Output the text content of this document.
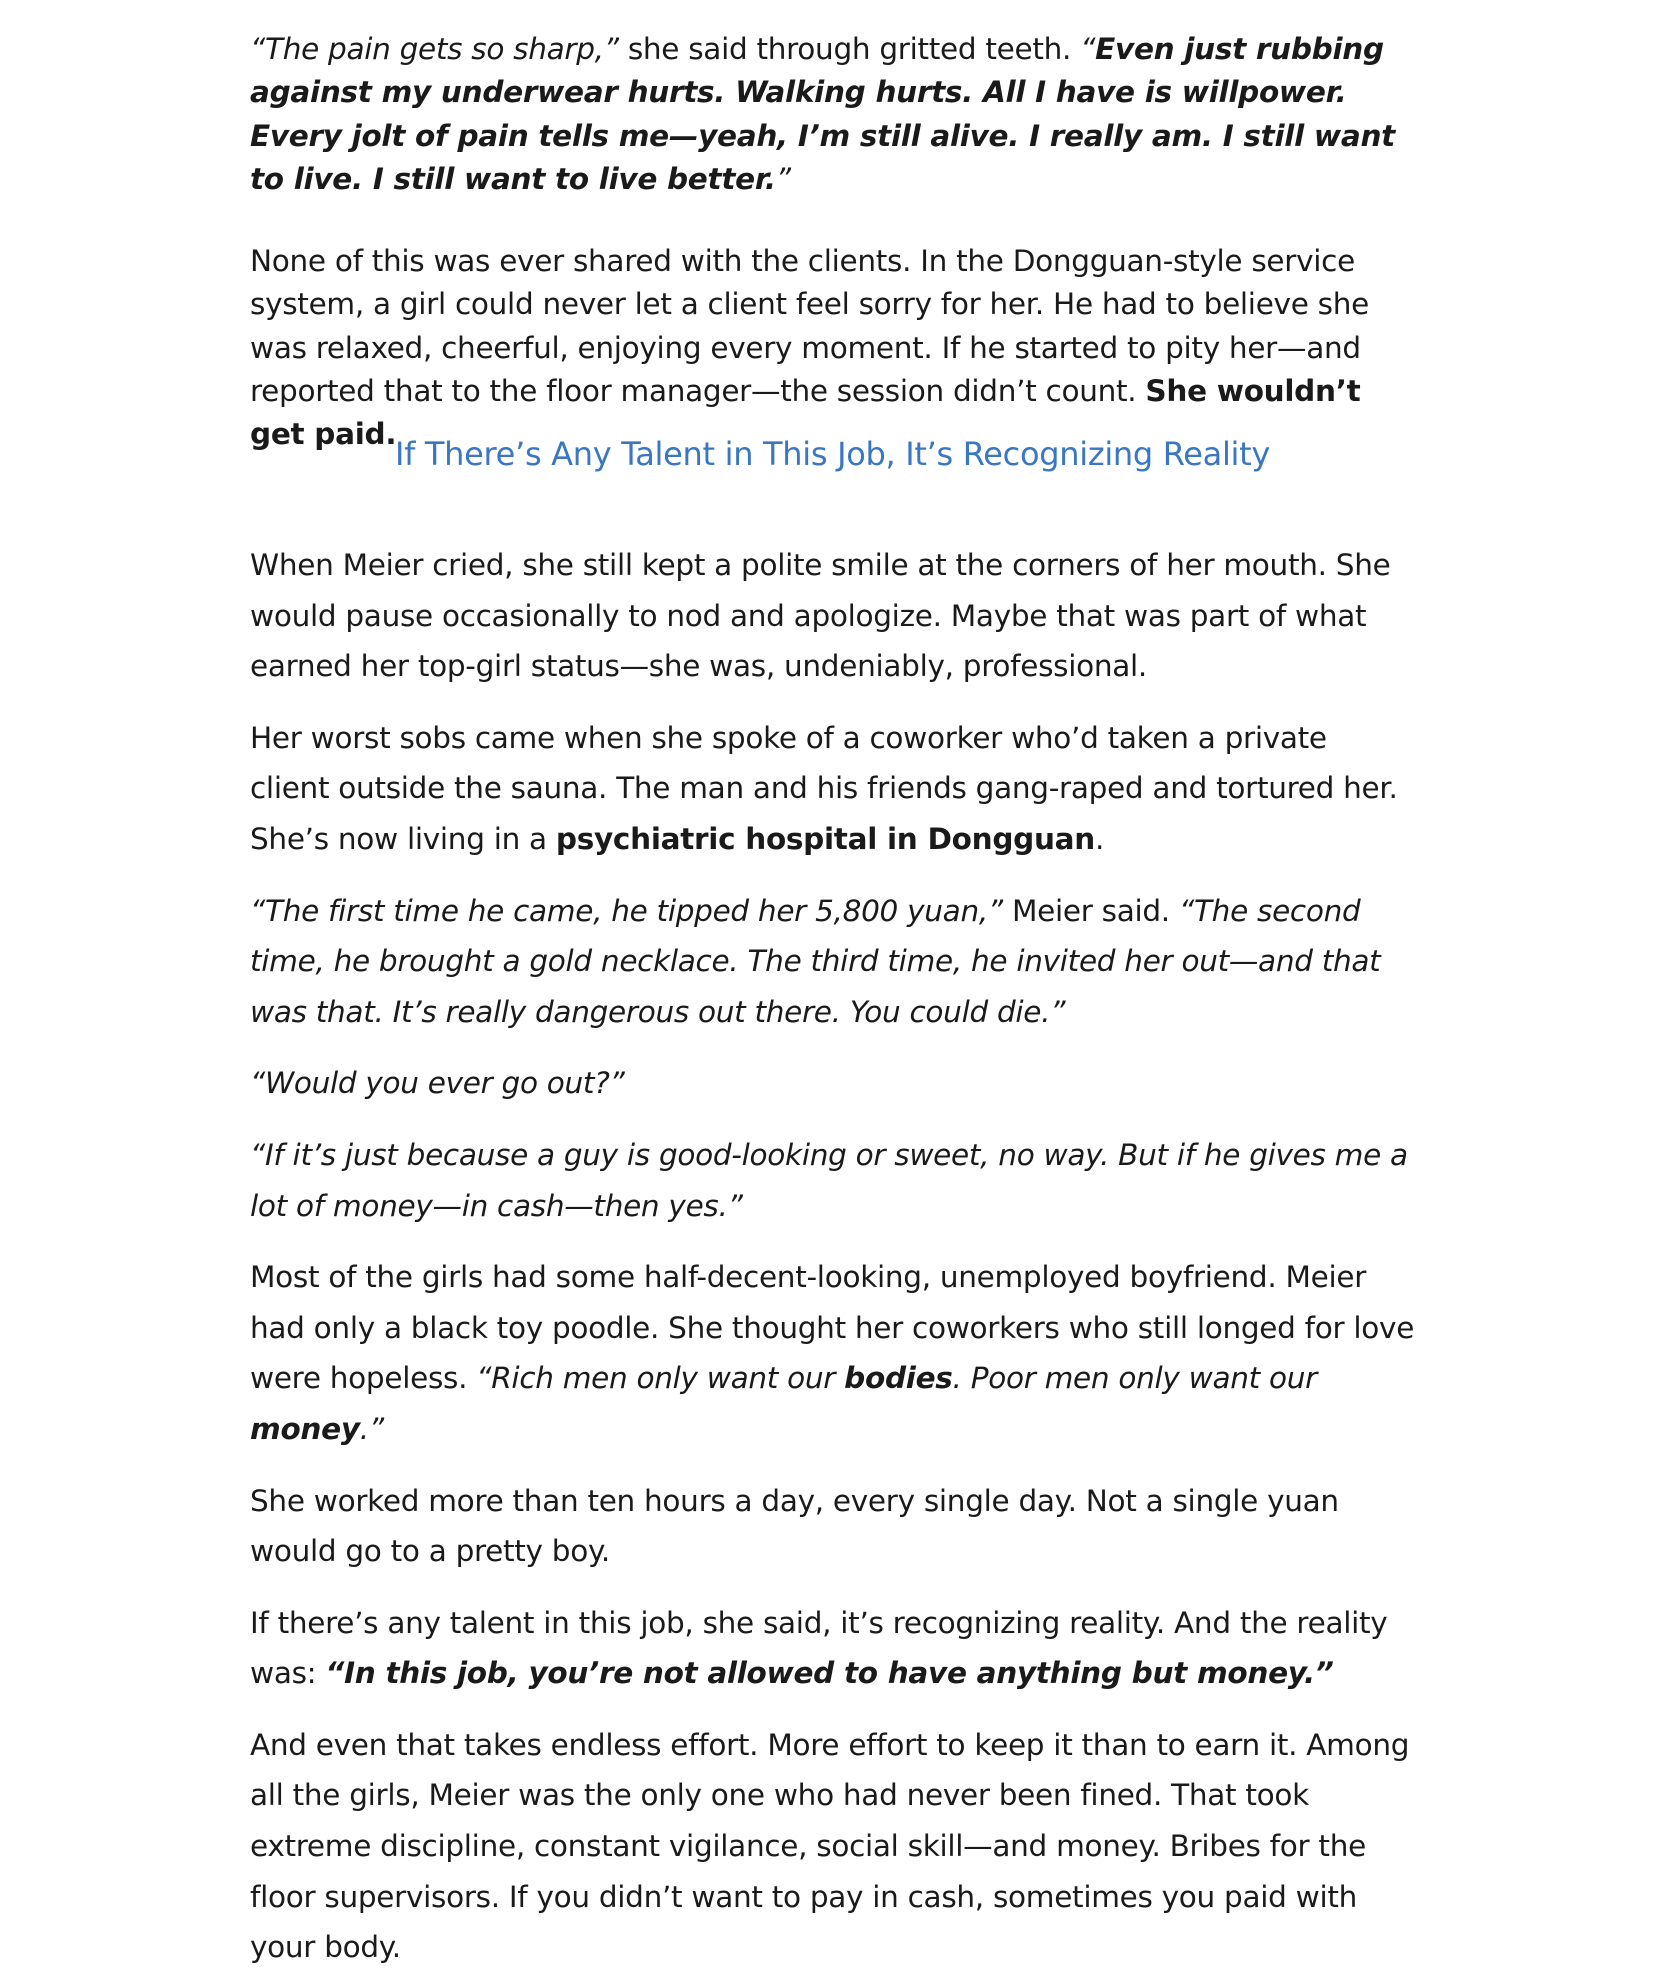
“The pain gets so sharp,” she said through gritted teeth. “Even just rubbing against my underwear hurts. Walking hurts. All I have is willpower. Every jolt of pain tells me—yeah, I’m still alive. I really am. I still want to live. I still want to live better.”

None of this was ever shared with the clients. In the Dongguan-style service system, a girl could never let a client feel sorry for her. He had to believe she was relaxed, cheerful, enjoying every moment. If he started to pity her—and reported that to the floor manager—the session didn’t count. She wouldn’t get paid.

If There’s Any Talent in This Job, It’s Recognizing Reality

When Meier cried, she still kept a polite smile at the corners of her mouth. She would pause occasionally to nod and apologize. Maybe that was part of what earned her top-girl status—she was, undeniably, professional.

Her worst sobs came when she spoke of a coworker who’d taken a private client outside the sauna. The man and his friends gang-raped and tortured her. She’s now living in a psychiatric hospital in Dongguan.

“The first time he came, he tipped her 5,800 yuan,” Meier said. “The second time, he brought a gold necklace. The third time, he invited her out—and that was that. It’s really dangerous out there. You could die.”

“Would you ever go out?”

“If it’s just because a guy is good-looking or sweet, no way. But if he gives me a lot of money—in cash—then yes.”

Most of the girls had some half-decent-looking, unemployed boyfriend. Meier had only a black toy poodle. She thought her coworkers who still longed for love were hopeless. “Rich men only want our bodies. Poor men only want our money.”

She worked more than ten hours a day, every single day. Not a single yuan would go to a pretty boy.

If there’s any talent in this job, she said, it’s recognizing reality. And the reality was: “In this job, you’re not allowed to have anything but money.”

And even that takes endless effort. More effort to keep it than to earn it. Among all the girls, Meier was the only one who had never been fined. That took extreme discipline, constant vigilance, social skill—and money. Bribes for the floor supervisors. If you didn’t want to pay in cash, sometimes you paid with your body.
